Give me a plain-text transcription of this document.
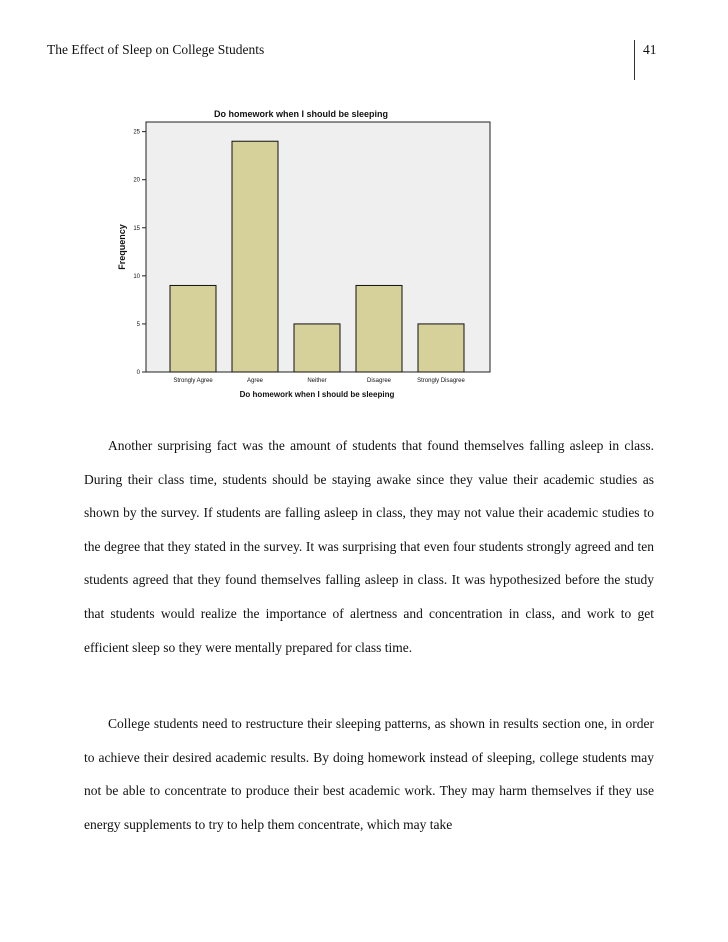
The Effect of Sleep on College Students	41
Do homework when I should be sleeping
0
5
10
15
20
25
Strongly Agree	Agree	Neither	Disagree	Strongly Disagree
Frequency
Do homework when I should be sleeping
Another surprising fact was the amount of students that found themselves falling asleep in class. During their class time, students should be staying awake since they value their academic studies as shown by the survey. If students are falling asleep in class, they may not value their academic studies to the degree that they stated in the survey. It was surprising that even four students strongly agreed and ten students agreed that they found themselves falling asleep in class. It was hypothesized before the study that students would realize the importance of alertness and concentration in class, and work to get efficient sleep so they were mentally prepared for class time.
College students need to restructure their sleeping patterns, as shown in results section one, in order to achieve their desired academic results. By doing homework instead of sleeping, college students may not be able to concentrate to produce their best academic work. They may harm themselves if they use energy supplements to try to help them concentrate, which may take
